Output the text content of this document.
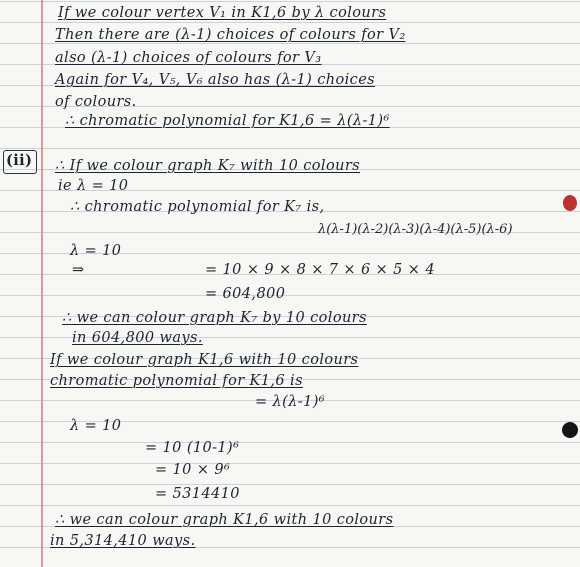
If we colour vertex V₁ in K1,6 by λ colours
Then there are (λ-1) choices of colours for V₂
also (λ-1) choices of colours for V₃
Again for V₄, V₅, V₆ also has (λ-1) choices
of colours.
∴ chromatic polynomial for K1,6 = λ(λ-1)⁶
(ii) ∴ If we colour graph K₇ with 10 colours
ie λ = 10
∴ chromatic polynomial for K₇ is,
λ(λ-1)(λ-2)(λ-3)(λ-4)(λ-5)(λ-6)
λ = 10
⇒	= 10 × 9 × 8 × 7 × 6 × 5 × 4
= 604,800
∴ we can colour graph K₇ by 10 colours
in 604,800 ways.
If we colour graph K1,6 with 10 colours
chromatic polynomial for K1,6 is
= λ(λ-1)⁶
λ = 10
= 10 (10-1)⁶
= 10 × 9⁶
= 5314410
∴ we can colour graph K1,6 with 10 colours
in 5,314,410 ways.
